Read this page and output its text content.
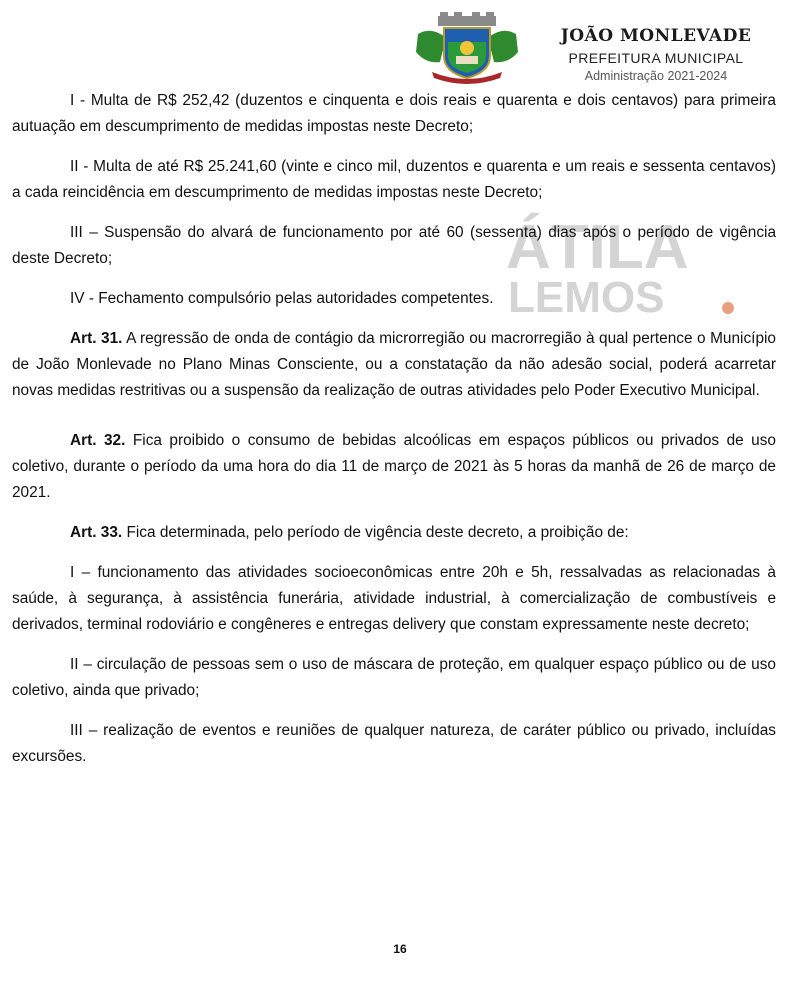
JOÃO MONLEVADE
PREFEITURA MUNICIPAL
Administração 2021-2024
ÁTILA
LEMOS

I - Multa de R$ 252,42 (duzentos e cinquenta e dois reais e quarenta e dois centavos) para primeira autuação em descumprimento de medidas impostas neste Decreto;

II - Multa de até R$ 25.241,60 (vinte e cinco mil, duzentos e quarenta e um reais e sessenta centavos) a cada reincidência em descumprimento de medidas impostas neste Decreto;

III – Suspensão do alvará de funcionamento por até 60 (sessenta) dias após o período de vigência deste Decreto;

IV - Fechamento compulsório pelas autoridades competentes.

Art. 31. A regressão de onda de contágio da microrregião ou macrorregião à qual pertence o Município de João Monlevade no Plano Minas Consciente, ou a constatação da não adesão social, poderá acarretar novas medidas restritivas ou a suspensão da realização de outras atividades pelo Poder Executivo Municipal.

Art. 32. Fica proibido o consumo de bebidas alcoólicas em espaços públicos ou privados de uso coletivo, durante o período da uma hora do dia 11 de março de 2021 às 5 horas da manhã de 26 de março de 2021.

Art. 33. Fica determinada, pelo período de vigência deste decreto, a proibição de:

I – funcionamento das atividades socioeconômicas entre 20h e 5h, ressalvadas as relacionadas à saúde, à segurança, à assistência funerária, atividade industrial, à comercialização de combustíveis e derivados, terminal rodoviário e congêneres e entregas delivery que constam expressamente neste decreto;

II – circulação de pessoas sem o uso de máscara de proteção, em qualquer espaço público ou de uso coletivo, ainda que privado;

III – realização de eventos e reuniões de qualquer natureza, de caráter público ou privado, incluídas excursões.

16
